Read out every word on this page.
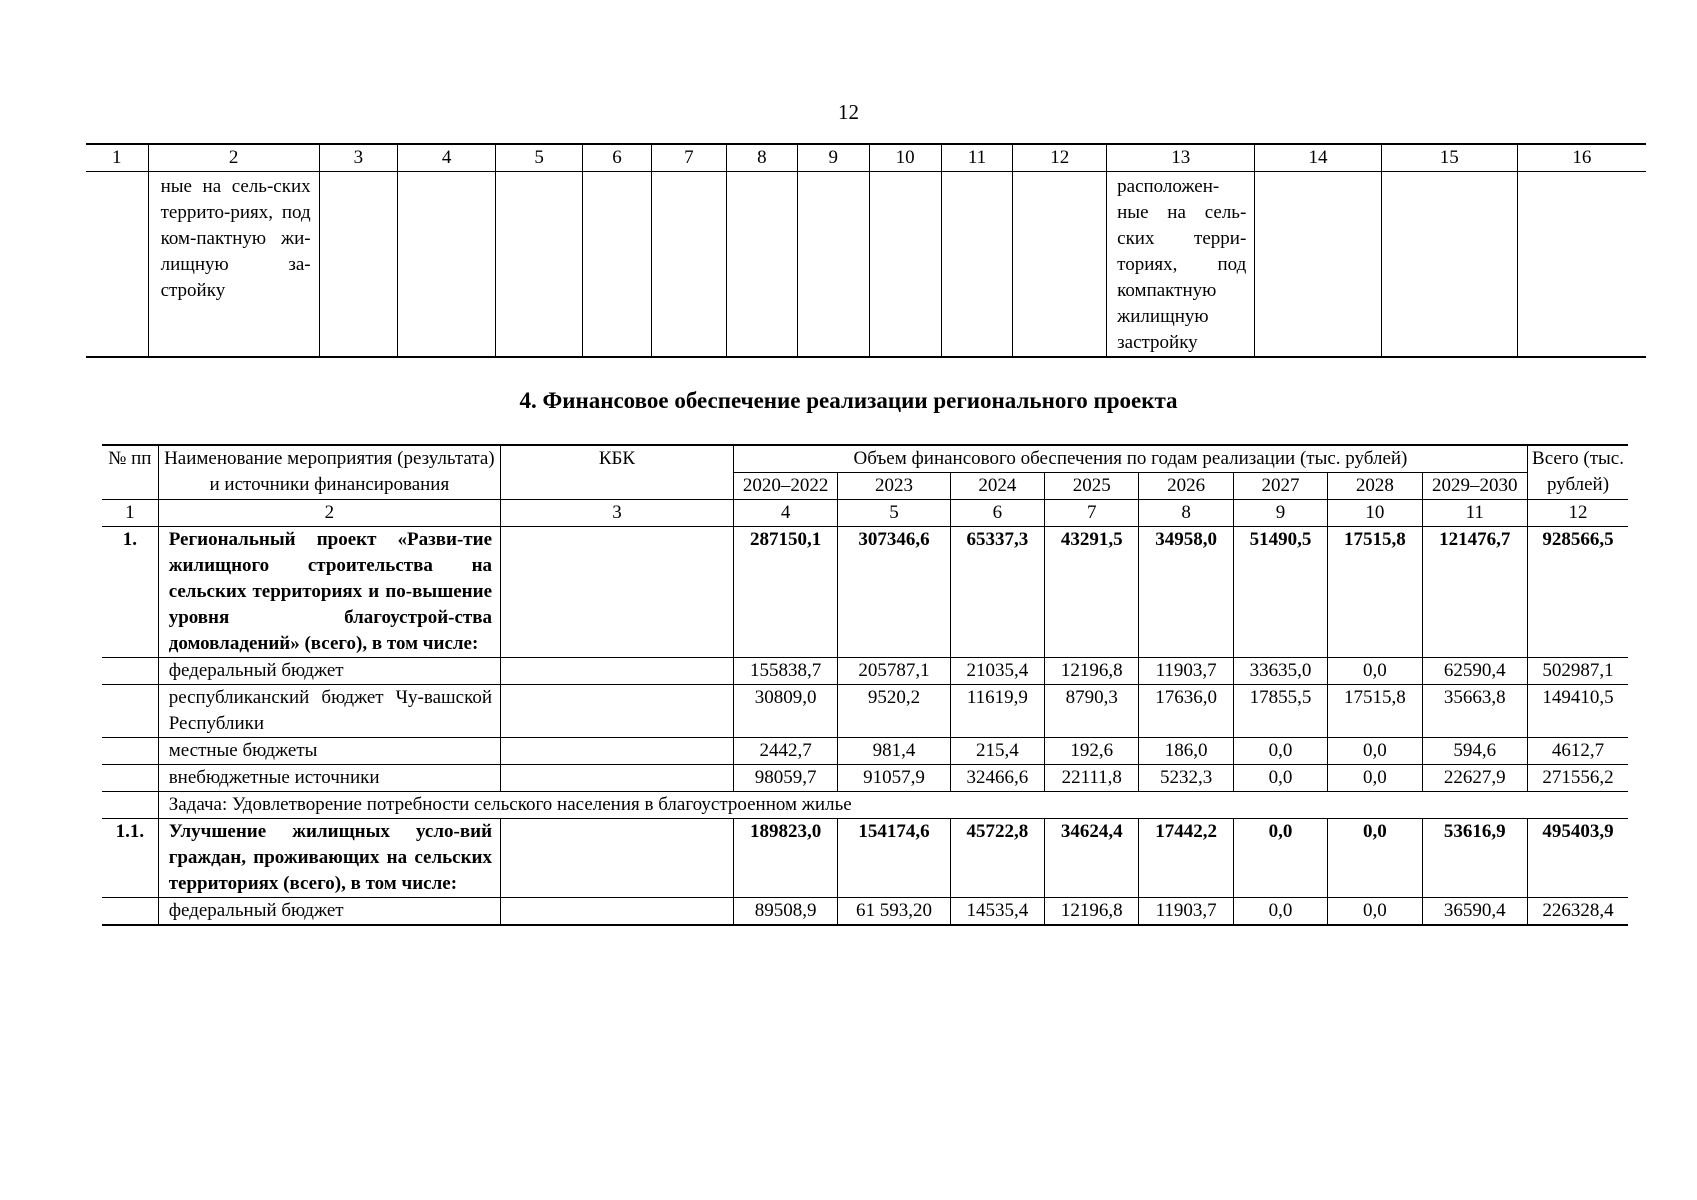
12
1	2	3	4	5	6	7	8	9	10	11	12	13	14	15	16
	ные на сель-ских террито-риях, под ком-пактную жи-лищную за-стройку											расположен-ные на сель-ских терри-ториях, под компактную жилищную застройку			
4. Финансовое обеспечение реализации регионального проекта
№ пп	Наименование мероприятия (результата) и источники финансирования	КБК	Объем финансового обеспечения по годам реализации (тыс. рублей)								Всего (тыс. рублей)
			2020–2022	2023	2024	2025	2026	2027	2028	2029–2030	
1	2	3	4	5	6	7	8	9	10	11	12
1.	Региональный проект «Разви-тие жилищного строительства на сельских территориях и по-вышение уровня благоустрой-ства домовладений» (всего), в том числе:		287150,1	307346,6	65337,3	43291,5	34958,0	51490,5	17515,8	121476,7	928566,5
	федеральный бюджет		155838,7	205787,1	21035,4	12196,8	11903,7	33635,0	0,0	62590,4	502987,1
	республиканский бюджет Чу-вашской Республики		30809,0	9520,2	11619,9	8790,3	17636,0	17855,5	17515,8	35663,8	149410,5
	местные бюджеты		2442,7	981,4	215,4	192,6	186,0	0,0	0,0	594,6	4612,7
	внебюджетные источники		98059,7	91057,9	32466,6	22111,8	5232,3	0,0	0,0	22627,9	271556,2
	Задача: Удовлетворение потребности сельского населения в благоустроенном жилье										
1.1.	Улучшение жилищных усло-вий граждан, проживающих на сельских территориях (всего), в том числе:		189823,0	154174,6	45722,8	34624,4	17442,2	0,0	0,0	53616,9	495403,9
	федеральный бюджет		89508,9	61 593,20	14535,4	12196,8	11903,7	0,0	0,0	36590,4	226328,4
